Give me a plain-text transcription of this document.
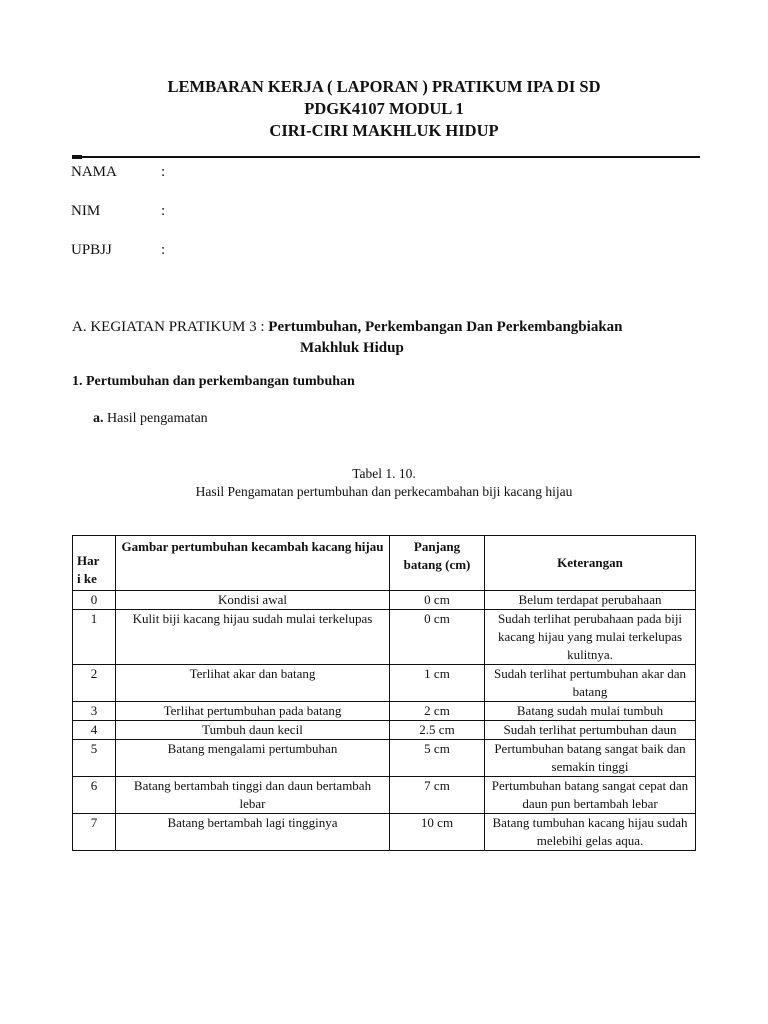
LEMBARAN KERJA ( LAPORAN ) PRATIKUM IPA DI SD
PDGK4107 MODUL 1
CIRI-CIRI MAKHLUK HIDUP
NAMA	:
NIM	:
UPBJJ	:
A. KEGIATAN PRATIKUM 3 : Pertumbuhan, Perkembangan Dan Perkembangbiakan
Makhluk Hidup
1. Pertumbuhan dan perkembangan tumbuhan
a. Hasil pengamatan
Tabel 1. 10.
Hasil Pengamatan pertumbuhan dan perkecambahan biji kacang hijau
Har
i ke	Gambar pertumbuhan kecambah kacang hijau	Panjang batang (cm)	Keterangan
0	Kondisi awal	0 cm	Belum terdapat perubahaan
1	Kulit biji kacang hijau sudah mulai terkelupas	0 cm	Sudah terlihat perubahaan pada biji kacang hijau yang mulai terkelupas kulitnya.
2	Terlihat akar dan batang	1 cm	Sudah terlihat pertumbuhan akar dan batang
3	Terlihat pertumbuhan pada batang	2 cm	Batang sudah mulai tumbuh
4	Tumbuh daun kecil	2.5 cm	Sudah terlihat pertumbuhan daun
5	Batang mengalami pertumbuhan	5 cm	Pertumbuhan batang sangat baik dan semakin tinggi
6	Batang bertambah tinggi dan daun bertambah lebar	7 cm	Pertumbuhan batang sangat cepat dan daun pun bertambah lebar
7	Batang bertambah lagi tingginya	10 cm	Batang tumbuhan kacang hijau sudah melebihi gelas aqua.
